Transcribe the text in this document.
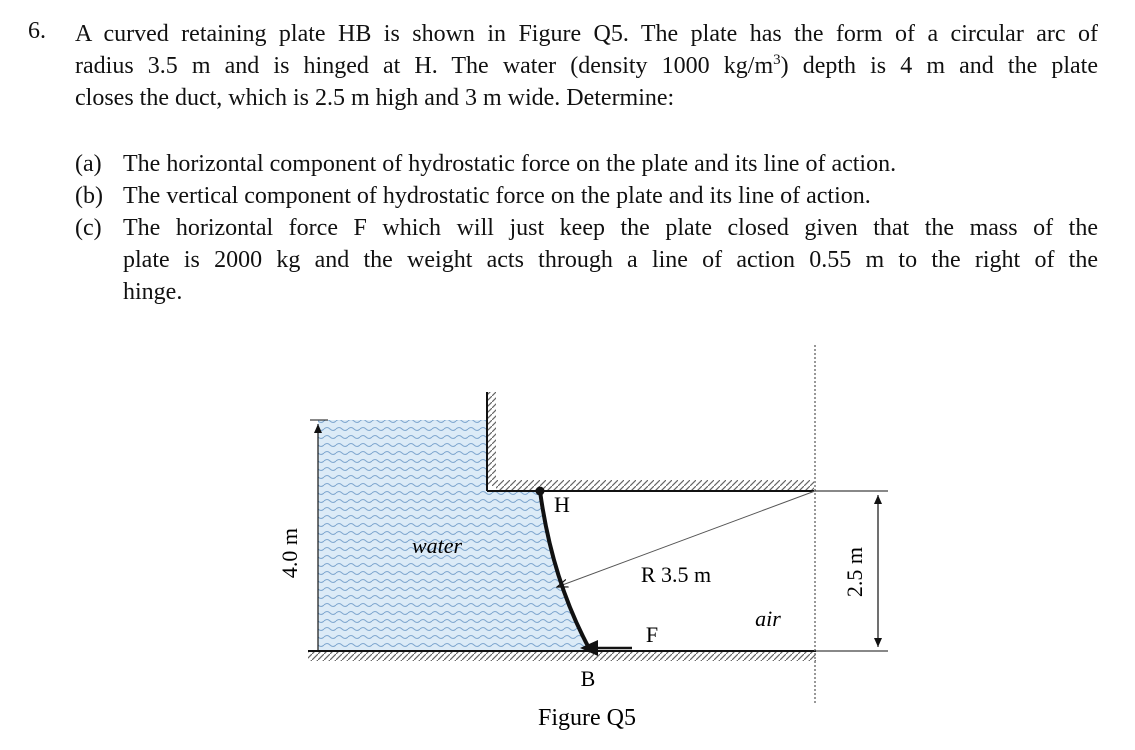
6. A curved retaining plate HB is shown in Figure Q5. The plate has the form of a circular arc of
radius 3.5 m and is hinged at H. The water (density 1000 $kg/m^3$) depth is 4 m and the plate
closes the duct, which is 2.5 m high and 3 m wide. Determine:
(a) The horizontal component of hydrostatic force on the plate and its line of action.
(b) The vertical component of hydrostatic force on the plate and its line of action.
(c) The horizontal force F which will just keep the plate closed given that the mass of the
plate is 2000 kg and the weight acts through a line of action 0.55 m to the right of the
hinge.
H
B
water
air
R 3.5 m
F
4.0 m	2.5 m
Figure Q5
